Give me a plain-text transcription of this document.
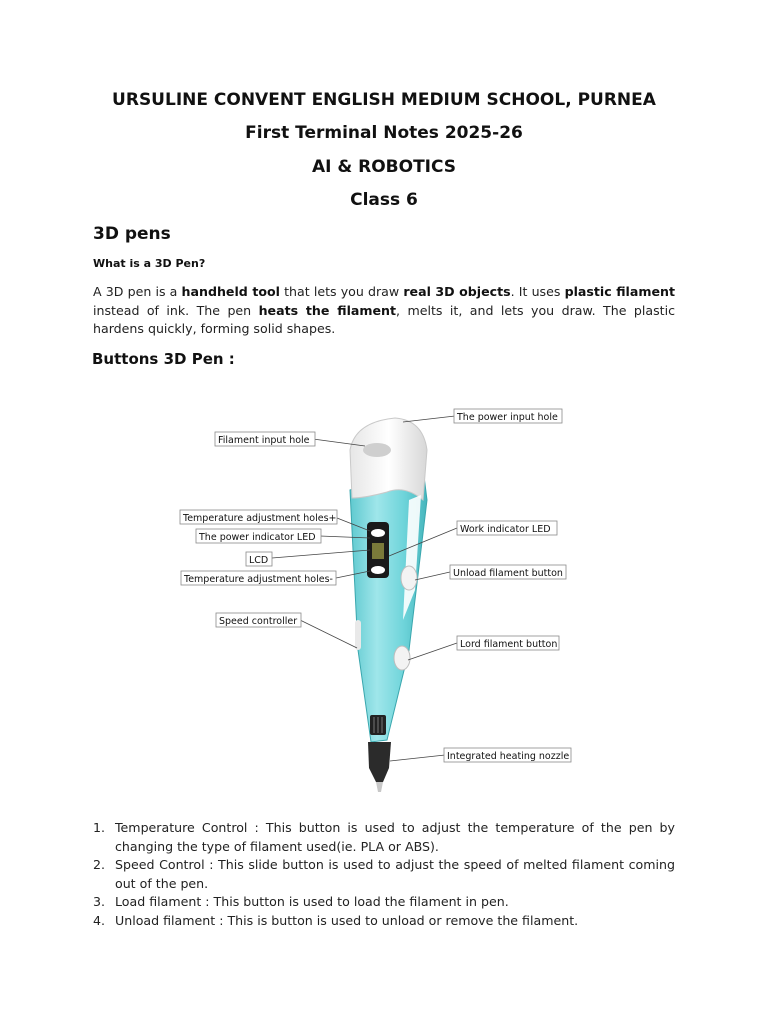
URSULINE CONVENT ENGLISH MEDIUM SCHOOL, PURNEA
First Terminal Notes 2025-26
AI & ROBOTICS
Class 6
3D pens
What is a 3D Pen?
A 3D pen is a handheld tool that lets you draw real 3D objects. It uses plastic filament instead of ink. The pen heats the filament, melts it, and lets you draw. The plastic hardens quickly, forming solid shapes.
Buttons 3D Pen :
The power input hole
Filament input hole
Temperature adjustment holes+
The power indicator LED
LCD
Temperature adjustment holes-
Work indicator LED
Unload filament button
Speed controller
Lord filament button
Integrated heating nozzle
1. Temperature Control : This button is used to adjust the temperature of the pen by changing the type of filament used(ie. PLA or ABS).
2. Speed Control : This slide button is used to adjust the speed of melted filament coming out of the pen.
3. Load filament : This button is used to load the filament in pen.
4. Unload filament : This is button is used to unload or remove the filament.
